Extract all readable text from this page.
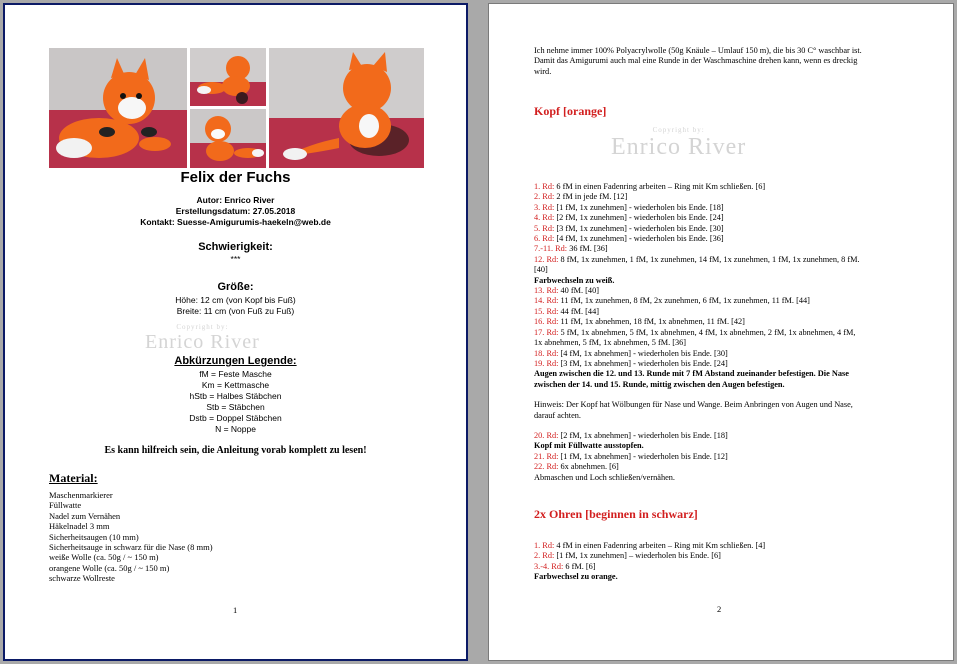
Felix der Fuchs
Autor: Enrico River
Erstellungsdatum: 27.05.2018
Kontakt: Suesse-Amigurumis-haekeln@web.de
Schwierigkeit:
***
Größe:
Höhe: 12 cm (von Kopf bis Fuß)
Breite: 11 cm (von Fuß zu Fuß)
Copyright by:
Enrico River
Abkürzungen Legende:
fM = Feste Masche
Km = Kettmasche
hStb = Halbes Stäbchen
Stb = Stäbchen
Dstb = Doppel Stäbchen
N = Noppe
Es kann hilfreich sein, die Anleitung vorab komplett zu lesen!
Material:
Maschenmarkierer
Füllwatte
Nadel zum Vernähen
Häkelnadel 3 mm
Sicherheitsaugen (10 mm)
Sicherheitsauge in schwarz für die Nase (8 mm)
weiße Wolle (ca. 50g / ~ 150 m)
orangene Wolle (ca. 50g / ~ 150 m)
schwarze Wollreste
1
Ich nehme immer 100% Polyacrylwolle (50g Knäule – Umlauf 150 m), die bis 30 C° waschbar ist.
Damit das Amigurumi auch mal eine Runde in der Waschmaschine drehen kann, wenn es dreckig
wird.
Kopf [orange]
Copyright by:
Enrico River
1. Rd: 6 fM in einen Fadenring arbeiten – Ring mit Km schließen. [6]
2. Rd: 2 fM in jede fM. [12]
3. Rd: [1 fM, 1x zunehmen] - wiederholen bis Ende. [18]
4. Rd: [2 fM, 1x zunehmen] - wiederholen bis Ende. [24]
5. Rd: [3 fM, 1x zunehmen] - wiederholen bis Ende. [30]
6. Rd: [4 fM, 1x zunehmen] - wiederholen bis Ende. [36]
7.-11. Rd: 36 fM. [36]
12. Rd: 8 fM, 1x zunehmen, 1 fM, 1x zunehmen, 14 fM, 1x zunehmen, 1 fM, 1x zunehmen, 8 fM.
[40]
Farbwechseln zu weiß.
13. Rd: 40 fM. [40]
14. Rd: 11 fM, 1x zunehmen, 8 fM, 2x zunehmen, 6 fM, 1x zunehmen, 11 fM. [44]
15. Rd: 44 fM. [44]
16. Rd: 11 fM, 1x abnehmen, 18 fM, 1x abnehmen, 11 fM. [42]
17. Rd: 5 fM, 1x abnehmen, 5 fM, 1x abnehmen, 4 fM, 1x abnehmen, 2 fM, 1x abnehmen, 4 fM,
1x abnehmen, 5 fM, 1x abnehmen, 5 fM. [36]
18. Rd: [4 fM, 1x abnehmen] - wiederholen bis Ende. [30]
19. Rd: [3 fM, 1x abnehmen] - wiederholen bis Ende. [24]
Augen zwischen die 12. und 13. Runde mit 7 fM Abstand zueinander befestigen. Die Nase
zwischen der 14. und 15. Runde, mittig zwischen den Augen befestigen.
Hinweis: Der Kopf hat Wölbungen für Nase und Wange. Beim Anbringen von Augen und Nase,
darauf achten.
20. Rd: [2 fM, 1x abnehmen] - wiederholen bis Ende. [18]
Kopf mit Füllwatte ausstopfen.
21. Rd: [1 fM, 1x abnehmen] - wiederholen bis Ende. [12]
22. Rd: 6x abnehmen. [6]
Abmaschen und Loch schließen/vernähen.
2x Ohren [beginnen in schwarz]
1. Rd: 4 fM in einen Fadenring arbeiten – Ring mit Km schließen. [4]
2. Rd: [1 fM, 1x zunehmen] – wiederholen bis Ende. [6]
3.-4. Rd: 6 fM. [6]
Farbwechsel zu orange.
2
